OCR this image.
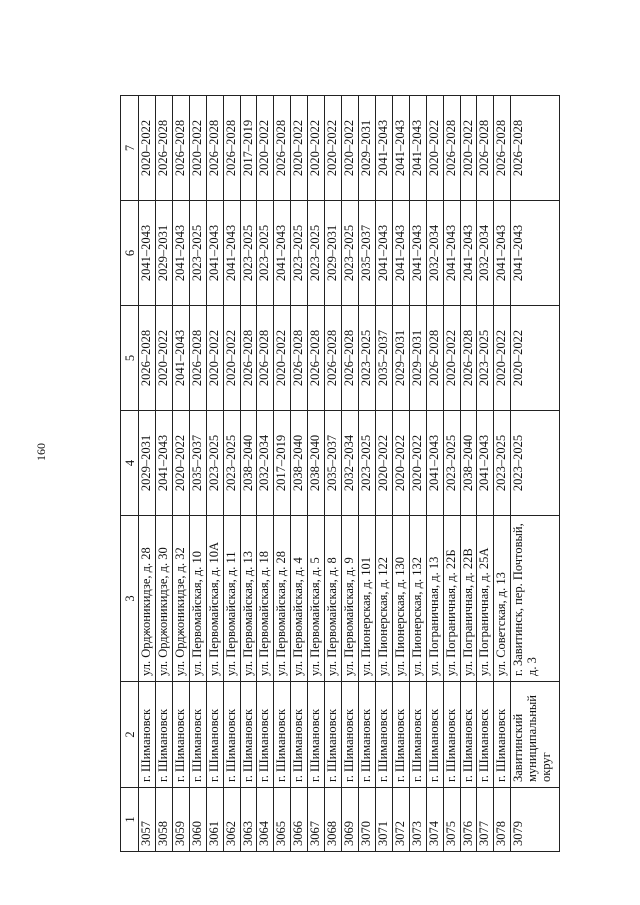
160
1	2	3	4	5	6	7
3057	г. Шимановск	ул. Орджоникидзе, д. 28	2029–2031	2026–2028	2041–2043	2020–2022
3058	г. Шимановск	ул. Орджоникидзе, д. 30	2041–2043	2020–2022	2029–2031	2026–2028
3059	г. Шимановск	ул. Орджоникидзе, д. 32	2020–2022	2041–2043	2041–2043	2026–2028
3060	г. Шимановск	ул. Первомайская, д. 10	2035–2037	2026–2028	2023–2025	2020–2022
3061	г. Шимановск	ул. Первомайская, д. 10А	2023–2025	2020–2022	2041–2043	2026–2028
3062	г. Шимановск	ул. Первомайская, д. 11	2023–2025	2020–2022	2041–2043	2026–2028
3063	г. Шимановск	ул. Первомайская, д. 13	2038–2040	2026–2028	2023–2025	2017–2019
3064	г. Шимановск	ул. Первомайская, д. 18	2032–2034	2026–2028	2023–2025	2020–2022
3065	г. Шимановск	ул. Первомайская, д. 28	2017–2019	2020–2022	2041–2043	2026–2028
3066	г. Шимановск	ул. Первомайская, д. 4	2038–2040	2026–2028	2023–2025	2020–2022
3067	г. Шимановск	ул. Первомайская, д. 5	2038–2040	2026–2028	2023–2025	2020–2022
3068	г. Шимановск	ул. Первомайская, д. 8	2035–2037	2026–2028	2029–2031	2020–2022
3069	г. Шимановск	ул. Первомайская, д. 9	2032–2034	2026–2028	2023–2025	2020–2022
3070	г. Шимановск	ул. Пионерская, д. 101	2023–2025	2023–2025	2035–2037	2029–2031
3071	г. Шимановск	ул. Пионерская, д. 122	2020–2022	2035–2037	2041–2043	2041–2043
3072	г. Шимановск	ул. Пионерская, д. 130	2020–2022	2029–2031	2041–2043	2041–2043
3073	г. Шимановск	ул. Пионерская, д. 132	2020–2022	2029–2031	2041–2043	2041–2043
3074	г. Шимановск	ул. Пограничная, д. 13	2041–2043	2026–2028	2032–2034	2020–2022
3075	г. Шимановск	ул. Пограничная, д. 22Б	2023–2025	2020–2022	2041–2043	2026–2028
3076	г. Шимановск	ул. Пограничная, д. 22В	2038–2040	2026–2028	2041–2043	2020–2022
3077	г. Шимановск	ул. Пограничная, д. 25А	2041–2043	2023–2025	2032–2034	2026–2028
3078	г. Шимановск	ул. Советская, д. 13	2023–2025	2020–2022	2041–2043	2026–2028
3079	Завитинский муниципальный округ	г. Завитинск, пер. Почтовый, д. 3	2023–2025	2020–2022	2041–2043	2026–2028
